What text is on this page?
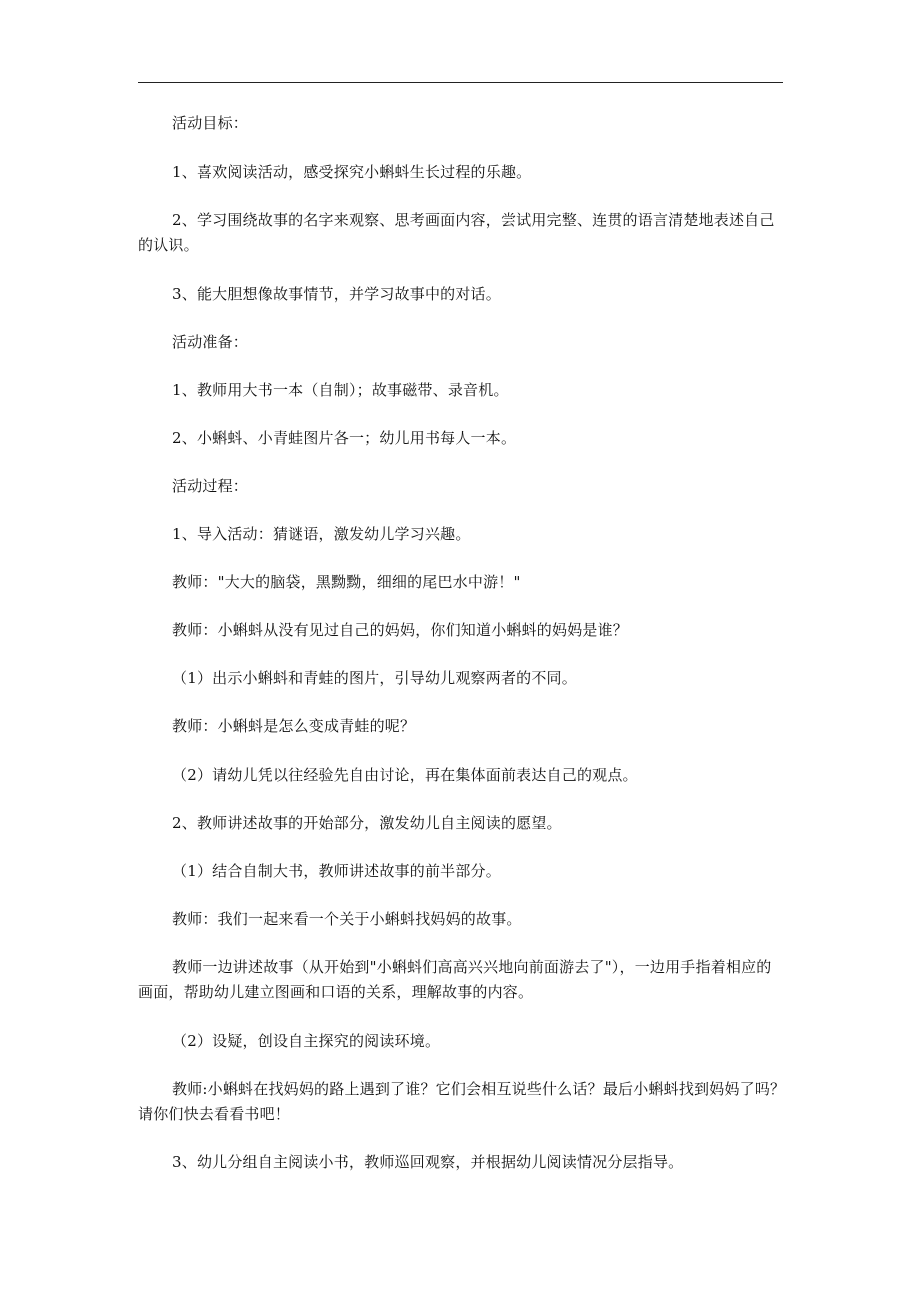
活动目标：

1、喜欢阅读活动，感受探究小蝌蚪生长过程的乐趣。

2、学习围绕故事的名字来观察、思考画面内容，尝试用完整、连贯的语言清楚地表述自己的认识。

3、能大胆想像故事情节，并学习故事中的对话。

活动准备：

1、教师用大书一本（自制）；故事磁带、录音机。

2、小蝌蚪、小青蛙图片各一；幼儿用书每人一本。

活动过程：

1、导入活动：猜谜语，激发幼儿学习兴趣。

教师："大大的脑袋，黑黝黝，细细的尾巴水中游！"

教师：小蝌蚪从没有见过自己的妈妈，你们知道小蝌蚪的妈妈是谁？

（1）出示小蝌蚪和青蛙的图片，引导幼儿观察两者的不同。

教师：小蝌蚪是怎么变成青蛙的呢？

（2）请幼儿凭以往经验先自由讨论，再在集体面前表达自己的观点。

2、教师讲述故事的开始部分，激发幼儿自主阅读的愿望。

（1）结合自制大书，教师讲述故事的前半部分。

教师：我们一起来看一个关于小蝌蚪找妈妈的故事。

教师一边讲述故事（从开始到"小蝌蚪们高高兴兴地向前面游去了"），一边用手指着相应的画面，帮助幼儿建立图画和口语的关系，理解故事的内容。

（2）设疑，创设自主探究的阅读环境。

教师:小蝌蚪在找妈妈的路上遇到了谁？它们会相互说些什么话？最后小蝌蚪找到妈妈了吗？请你们快去看看书吧！

3、幼儿分组自主阅读小书，教师巡回观察，并根据幼儿阅读情况分层指导。
